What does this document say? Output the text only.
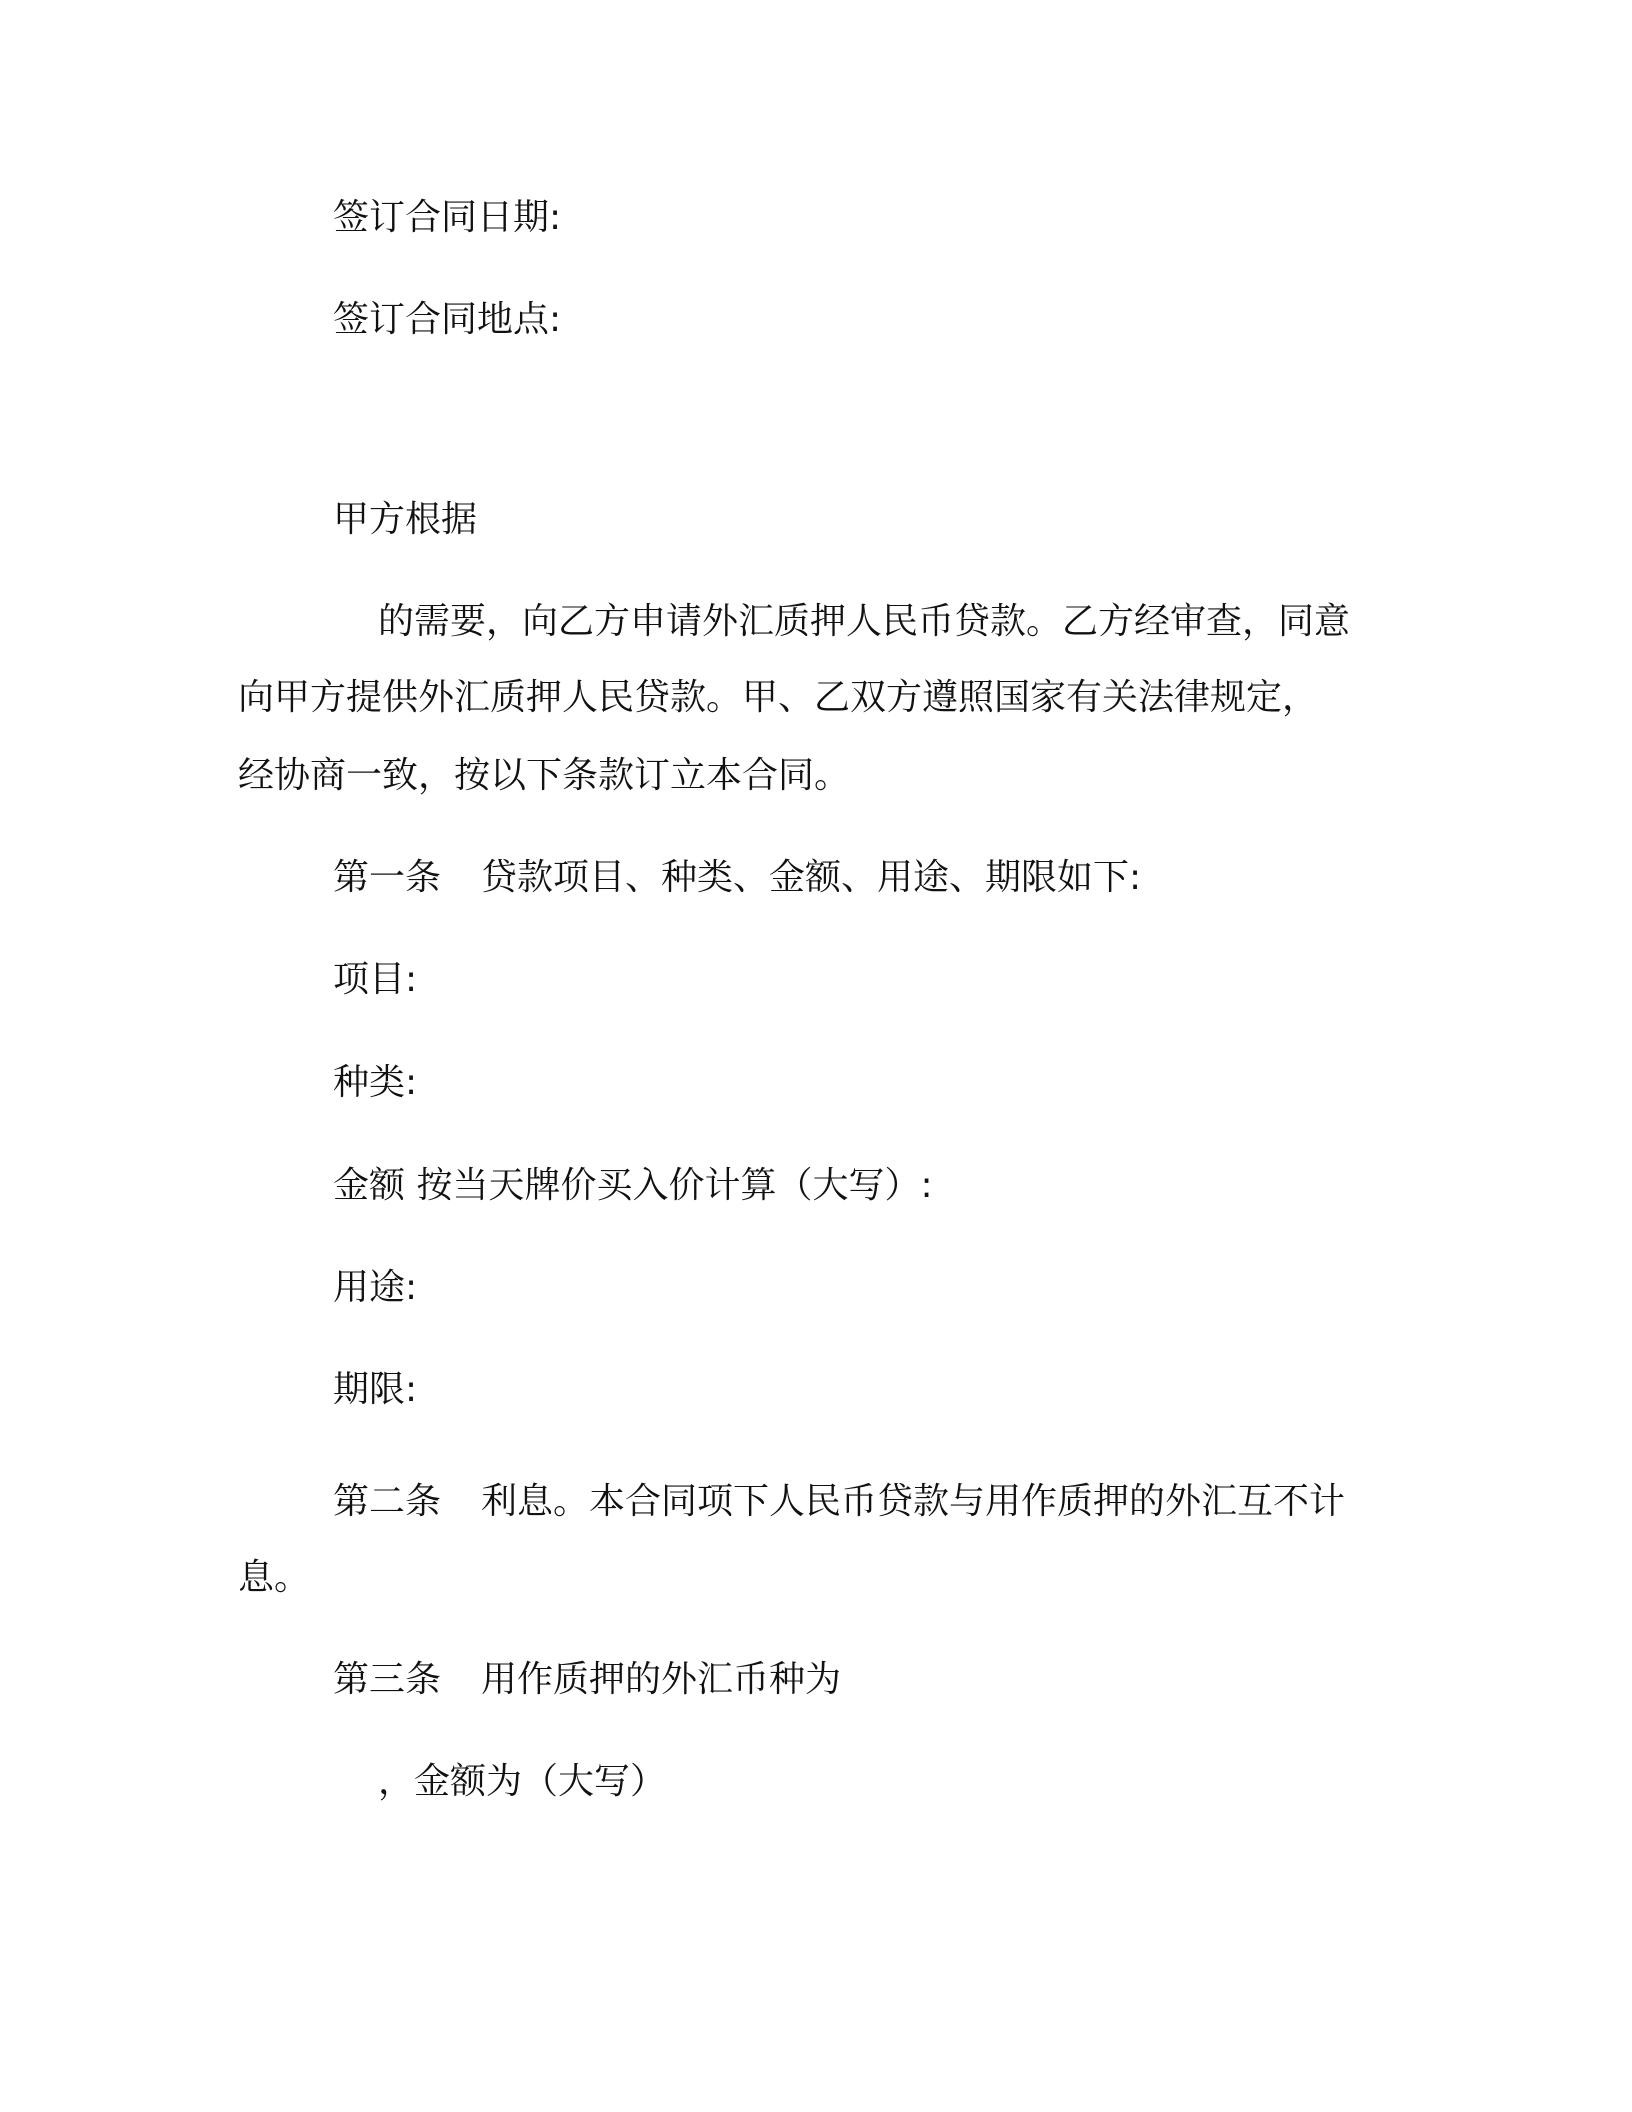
签订合同日期:
签订合同地点:
甲方根据
的需要，向乙方申请外汇质押人民币贷款。乙方经审查，同意
向甲方提供外汇质押人民贷款。甲、乙双方遵照国家有关法律规定，
经协商一致，按以下条款订立本合同。
第一条 贷款项目、种类、金额、用途、期限如下:
项目:
种类:
金额 按当天牌价买入价计算（大写）:
用途:
期限:
第二条 利息。本合同项下人民币贷款与用作质押的外汇互不计
息。
第三条 用作质押的外汇币种为
，金额为（大写）
